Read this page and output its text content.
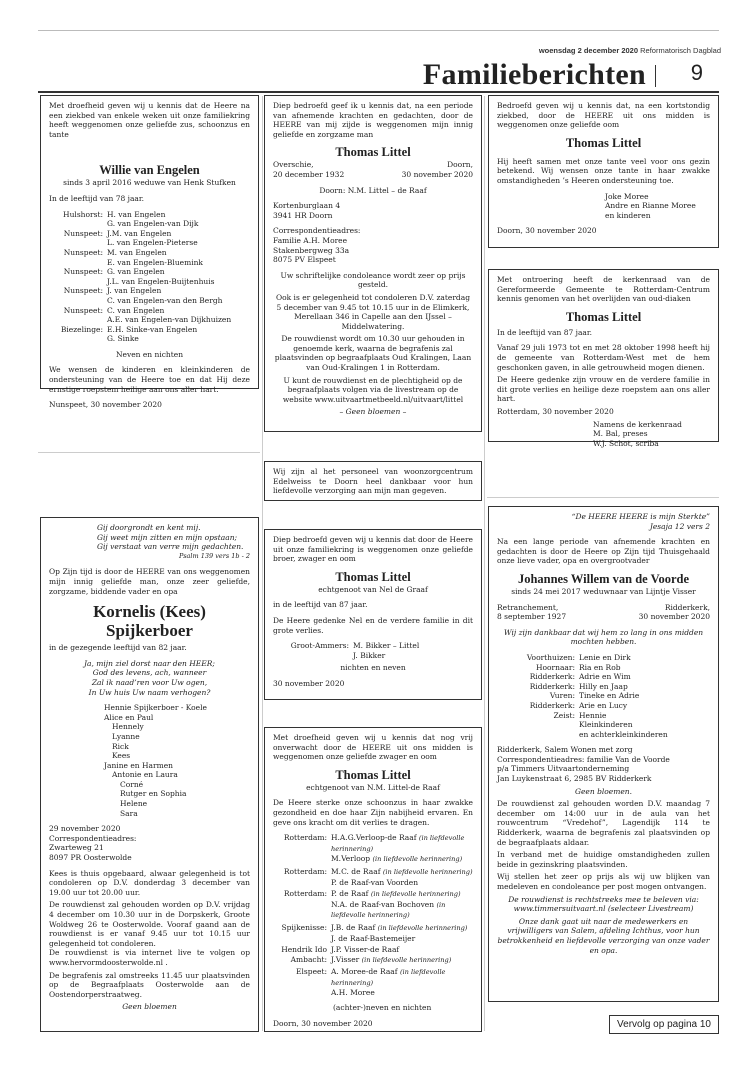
woensdag 2 december 2020 Reformatorisch Dagblad
Familieberichten 9

Met droefheid geven wij u kennis dat de Heere na een ziekbed van enkele weken uit onze familiekring heeft weggenomen onze geliefde zus, schoonzus en tante

Willie van Engelen

sinds 3 april 2016 weduwe van Henk Stufken

In de leeftijd van 78 jaar.

Hulshorst: H. van Engelen

G. van Engelen-van Dijk

Nunspeet: J.M. van Engelen

L. van Engelen-Pieterse

Nunspeet: M. van Engelen

E. van Engelen-Bluemink

Nunspeet: G. van Engelen

J.L. van Engelen-Buijtenhuis

Nunspeet: J. van Engelen

C. van Engelen-van den Bergh

Nunspeet: C. van Engelen

A.E. van Engelen-van Dijkhuizen

Biezelinge: E.H. Sinke-van Engelen

G. Sinke

Neven en nichten

We wensen de kinderen en kleinkinderen de ondersteuning van de Heere toe en dat Hij deze ernstige roepstem heilige aan ons aller hart.

Nunspeet, 30 november 2020

Diep bedroefd geef ik u kennis dat, na een periode van afnemende krachten en gedachten, door de HEERE van mij zijde is weggenomen mijn innig geliefde en zorgzame man

Thomas Littel
Overschie,
20 december 1932
Doorn,
30 november 2020

Doorn: N.M. Littel – de Raaf

Kortenburglaan 4

3941 HR Doorn

Correspondentieadres:

Familie A.H. Moree

Stakenbergweg 33a

8075 PV Elspeet

Uw schriftelijke condoleance wordt zeer op prijs gesteld.

Ook is er gelegenheid tot condoleren D.V. zaterdag 5 december van 9.45 tot 10.15 uur in de Elimkerk, Merellaan 346 in Capelle aan den IJssel – Middelwatering.

De rouwdienst wordt om 10.30 uur gehouden in genoemde kerk, waarna de begrafenis zal plaatsvinden op begraafplaats Oud Kralingen, Laan van Oud-Kralingen 1 in Rotterdam.

U kunt de rouwdienst en de plechtigheid op de begraafplaats volgen via de livestream op de website www.uitvaartmetbeeld.nl/uitvaart/littel

– Geen bloemen –

Bedroefd geven wij u kennis dat, na een kortstondig ziekbed, door de HEERE uit ons midden is weggenomen onze geliefde oom

Thomas Littel

Hij heeft samen met onze tante veel voor ons gezin betekend. Wij wensen onze tante in haar zwakke omstandigheden ’s Heeren ondersteuning toe.

Joke Moree

Andre en Rianne Moree

en kinderen

Doorn, 30 november 2020

Met ontroering heeft de kerkenraad van de Gereformeerde Gemeente te Rotterdam-Centrum kennis genomen van het overlijden van oud-diaken

Thomas Littel

In de leeftijd van 87 jaar.

Vanaf 29 juli 1973 tot en met 28 oktober 1998 heeft hij de gemeente van Rotterdam-West met de hem geschonken gaven, in alle getrouwheid mogen dienen.

De Heere gedenke zijn vrouw en de verdere familie in dit grote verlies en heilige deze roepstem aan ons aller hart.

Rotterdam, 30 november 2020

Namens de kerkenraad

M. Bal, preses

W.J. Schot, scriba

Wij zijn al het personeel van woonzorgcentrum Edelweiss te Doorn heel dankbaar voor hun liefdevolle verzorging aan mijn man gegeven.

Gij doorgrondt en kent mij.

Gij weet mijn zitten en mijn opstaan;

Gij verstaat van verre mijn gedachten.

Psalm 139 vers 1b - 2

Op Zijn tijd is door de HEERE van ons weggenomen mijn innig geliefde man, onze zeer geliefde, zorgzame, biddende vader en opa

Kornelis (Kees)
Spijkerboer

in de gezegende leeftijd van 82 jaar.

Ja, mijn ziel dorst naar den HEER;

God des levens, ach, wanneer

Zal ik naad’ren voor Uw ogen,

In Uw huis Uw naam verhogen?

Hennie Spijkerboer - Koele

Alice en Paul

Hennely

Lyanne

Rick

Kees

Janine en Harmen

Antonie en Laura

Corné

Rutger en Sophia

Helene

Sara

29 november 2020

Correspondentieadres:

Zwarteweg 21

8097 PR Oosterwolde

Kees is thuis opgebaard, alwaar gelegenheid is tot condoleren op D.V. donderdag 3 december van 19.00 uur tot 20.00 uur.

De rouwdienst zal gehouden worden op D.V. vrijdag 4 december om 10.30 uur in de Dorpskerk, Groote Woldweg 26 te Oosterwolde. Vooraf gaand aan de rouwdienst is er vanaf 9.45 uur tot 10.15 uur gelegenheid tot condoleren.

De rouwdienst is via internet live te volgen op www.hervormdoosterwolde.nl .

De begrafenis zal omstreeks 11.45 uur plaatsvinden op de Begraafplaats Oosterwolde aan de Oostendorperstraatweg.

Geen bloemen

Diep bedroefd geven wij u kennis dat door de Heere uit onze familiekring is weggenomen onze geliefde broer, zwager en oom

Thomas Littel

echtgenoot van Nel de Graaf

in de leeftijd van 87 jaar.

De Heere gedenke Nel en de verdere familie in dit grote verlies.

Groot-Ammers: M. Bikker – Littel

J. Bikker

nichten en neven

30 november 2020

Met droefheid geven wij u kennis dat nog vrij onverwacht door de HEERE uit ons midden is weggenomen onze geliefde zwager en oom

Thomas Littel

echtgenoot van N.M. Littel-de Raaf

De Heere sterke onze schoonzus in haar zwakke gezondheid en doe haar Zijn nabijheid ervaren. En geve ons kracht om dit verlies te dragen.

Rotterdam: H.A.G.Verloop-de Raaf (in liefdevolle herinnering)

M.Verloop (in liefdevolle herinnering)

Rotterdam: M.C. de Raaf (in liefdevolle herinnering)

P. de Raaf-van Voorden

Rotterdam: P. de Raaf (in liefdevolle herinnering)

N.A. de Raaf-van Bochoven (in liefdevolle herinnering)

Spijkenisse: J.B. de Raaf (in liefdevolle herinnering)

J. de Raaf-Bastemeijer

Hendrik Ido Ambacht:

J.P. Visser-de Raaf

J.Visser (in liefdevolle herinnering)

Elspeet: A. Moree-de Raaf (in liefdevolle herinnering)

A.H. Moree

(achter-)neven en nichten

Doorn, 30 november 2020

“De HEERE HEERE is mijn Sterkte”

Jesaja 12 vers 2

Na een lange periode van afnemende krachten en gedachten is door de Heere op Zijn tijd Thuisgehaald onze lieve vader, opa en overgrootvader

Johannes Willem van de Voorde

sinds 24 mei 2017 weduwnaar van Lijntje Visser

Retranchement,
8 september 1927
Ridderkerk,
30 november 2020

Wij zijn dankbaar dat wij hem zo lang in ons midden mochten hebben.

Voorthuizen: Lenie en Dirk

Hoornaar: Ria en Rob

Ridderkerk: Adrie en Wim

Ridderkerk: Hilly en Jaap

Vuren: Tineke en Adrie

Ridderkerk: Arie en Lucy

Zeist: Hennie

Kleinkinderen

en achterkleinkinderen

Ridderkerk, Salem Wonen met zorg

Correspondentieadres: familie Van de Voorde

p/a Timmers Uitvaartonderneming

Jan Luykenstraat 6, 2985 BV Ridderkerk

Geen bloemen.

De rouwdienst zal gehouden worden D.V. maandag 7 december om 14:00 uur in de aula van het rouwcentrum “Vredehof”, Lagendijk 114 te Ridderkerk, waarna de begrafenis zal plaatsvinden op de begraafplaats aldaar.

In verband met de huidige omstandigheden zullen beide in gezinskring plaatsvinden.

Wij stellen het zeer op prijs als wij uw blijken van medeleven en condoleance per post mogen ontvangen.

De rouwdienst is rechtstreeks mee te beleven via: www.timmersuitvaart.nl (selecteer Livestream)

Onze dank gaat uit naar de medewerkers en vrijwilligers van Salem, afdeling Ichthus, voor hun betrokkenheid en liefdevolle verzorging van onze vader en opa.

Vervolg op pagina 10
